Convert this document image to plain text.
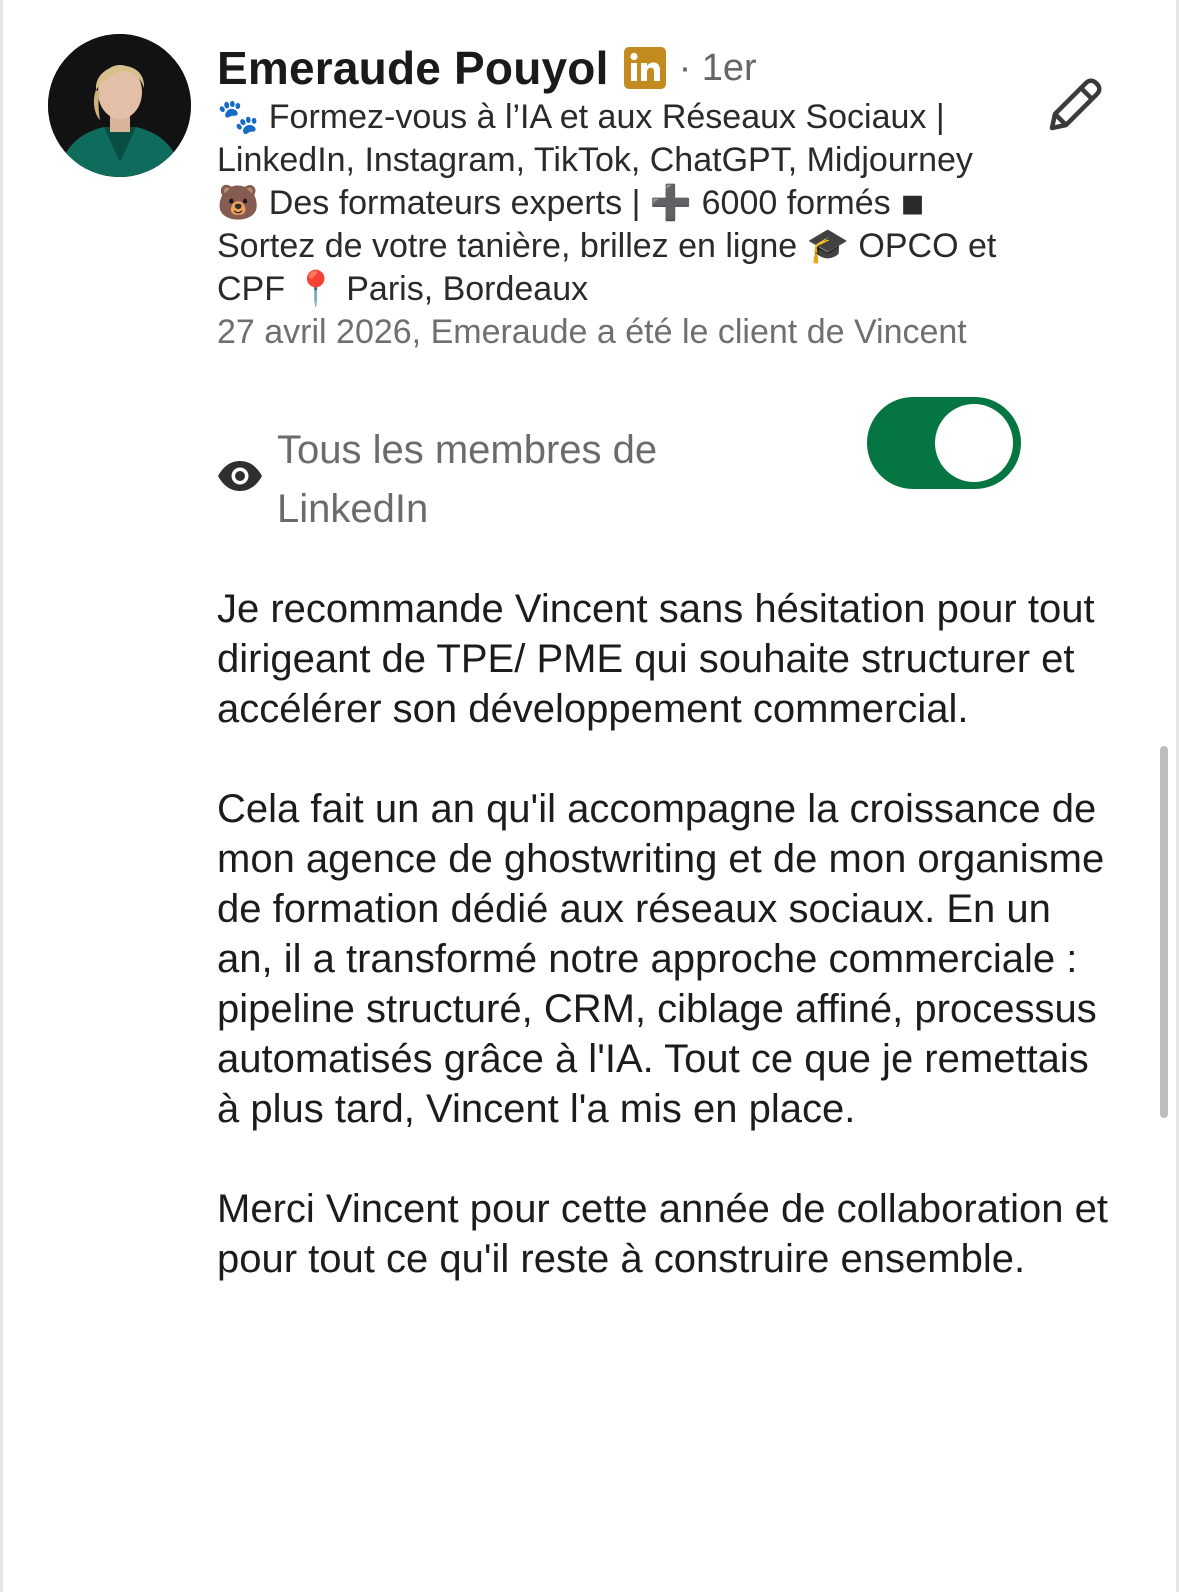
Emeraude Pouyol · 1er

🐾 Formez-vous à l’IA et aux Réseaux Sociaux | LinkedIn, Instagram, TikTok, ChatGPT, Midjourney 🐻 Des formateurs experts | ➕ 6000 formés ◾ Sortez de votre tanière, brillez en ligne 🎓 OPCO et CPF 📍 Paris, Bordeaux

27 avril 2026, Emeraude a été le client de Vincent

Tous les membres de LinkedIn

Je recommande Vincent sans hésitation pour tout dirigeant de TPE/ PME qui souhaite structurer et accélérer son développement commercial.

Cela fait un an qu'il accompagne la croissance de mon agence de ghostwriting et de mon organisme de formation dédié aux réseaux sociaux. En un an, il a transformé notre approche commerciale : pipeline structuré, CRM, ciblage affiné, processus automatisés grâce à l'IA. Tout ce que je remettais à plus tard, Vincent l'a mis en place.

Merci Vincent pour cette année de collaboration et pour tout ce qu'il reste à construire ensemble.
